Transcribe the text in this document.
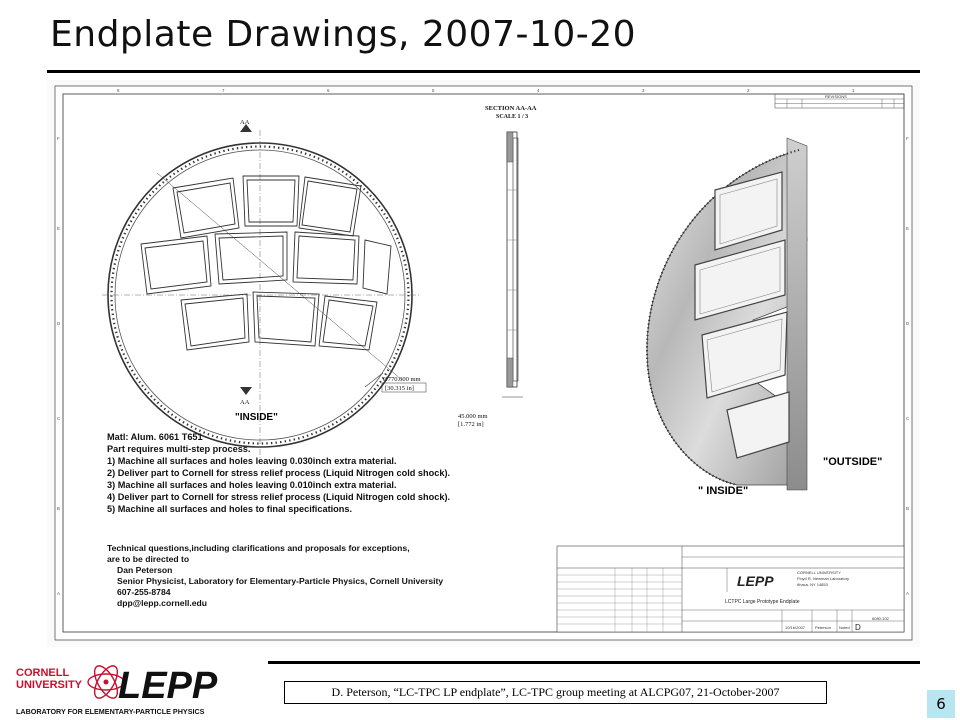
Endplate Drawings, 2007-10-20
8	7	6	5	4	3	2	1
F
E
D
C
B
A
F
E
D
C
B
A
REVISIONS
AA
AA
Ø770.000 mm
[30.315 in]
"INSIDE"
SECTION AA-AA
SCALE 1 / 3
45.000 mm
[1.772 in]
" INSIDE"
"OUTSIDE"
Matl: Alum. 6061 T651
Part requires multi-step process.
1) Machine all surfaces and holes leaving 0.030inch extra material.
2) Deliver part to Cornell for stress relief process (Liquid Nitrogen cold shock).
3) Machine all surfaces and holes leaving 0.010inch extra material.
4) Deliver part to Cornell for stress relief process (Liquid Nitrogen cold shock).
5) Machine all surfaces and holes to final specifications.
Technical questions,including clarifications and proposals for exceptions,
are to be directed to
Dan Peterson
Senior Physicist, Laboratory for Elementary-Particle Physics, Cornell University
607-255-8784
dpp@lepp.cornell.edu
LEPP
CORNELL UNIVERSITY
Floyd R. Newman Laboratory
Ithaca, NY 14853
LCTPC Large Prototype Endplate
Peterson
10/16/2007	Noted D
6080-102
CORNELL
UNIVERSITY LEPP
LABORATORY FOR ELEMENTARY-PARTICLE PHYSICS
D. Peterson, “LC-TPC LP endplate”, LC-TPC group meeting at ALCPG07, 21-October-2007
6
